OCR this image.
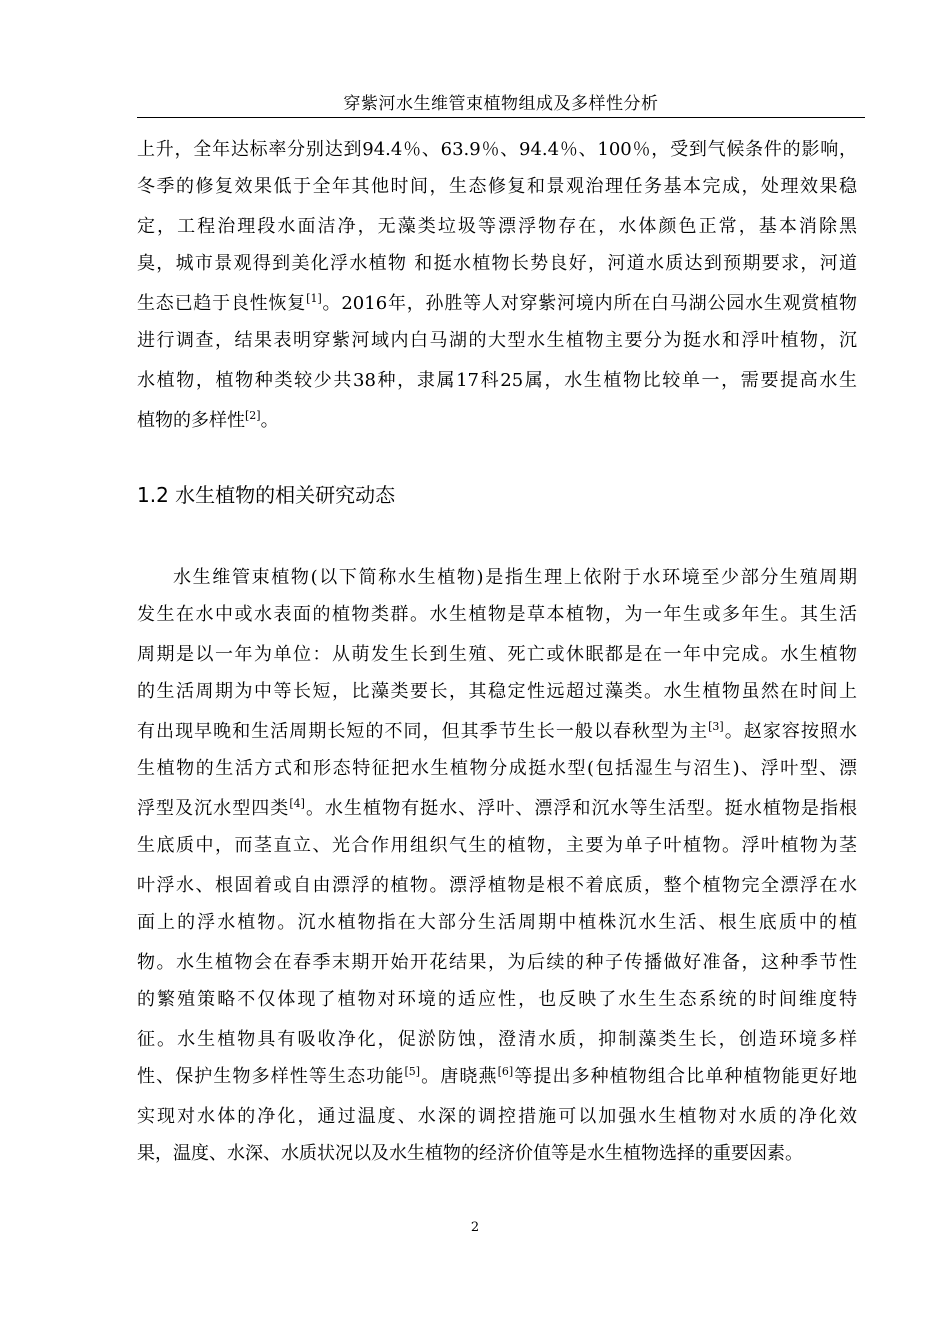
穿紫河水生维管束植物组成及多样性分析
上升，全年达标率分别达到94.4％、63.9％、94.4％、100％，受到气候条件的影响，
冬季的修复效果低于全年其他时间，生态修复和景观治理任务基本完成，处理效果稳
定，工程治理段水面洁净，无藻类垃圾等漂浮物存在，水体颜色正常，基本消除黑
臭，城市景观得到美化浮水植物 和挺水植物长势良好，河道水质达到预期要求，河道
生态已趋于良性恢复[1]。2016年，孙胜等人对穿紫河境内所在白马湖公园水生观赏植物
进行调查，结果表明穿紫河域内白马湖的大型水生植物主要分为挺水和浮叶植物，沉
水植物，植物种类较少共38种，隶属17科25属，水生植物比较单一，需要提高水生
植物的多样性[2]。
1.2 水生植物的相关研究动态
水生维管束植物(以下简称水生植物)是指生理上依附于水环境至少部分生殖周期
发生在水中或水表面的植物类群。水生植物是草本植物，为一年生或多年生。其生活
周期是以一年为单位：从萌发生长到生殖、死亡或休眠都是在一年中完成。水生植物
的生活周期为中等长短，比藻类要长，其稳定性远超过藻类。水生植物虽然在时间上
有出现早晚和生活周期长短的不同，但其季节生长一般以春秋型为主[3]。赵家容按照水
生植物的生活方式和形态特征把水生植物分成挺水型(包括湿生与沼生)、浮叶型、漂
浮型及沉水型四类[4]。水生植物有挺水、浮叶、漂浮和沉水等生活型。挺水植物是指根
生底质中，而茎直立、光合作用组织气生的植物，主要为单子叶植物。浮叶植物为茎
叶浮水、根固着或自由漂浮的植物。漂浮植物是根不着底质，整个植物完全漂浮在水
面上的浮水植物。沉水植物指在大部分生活周期中植株沉水生活、根生底质中的植
物。水生植物会在春季末期开始开花结果，为后续的种子传播做好准备，这种季节性
的繁殖策略不仅体现了植物对环境的适应性，也反映了水生生态系统的时间维度特
征。水生植物具有吸收净化，促淤防蚀，澄清水质，抑制藻类生长，创造环境多样
性、保护生物多样性等生态功能[5]。唐晓燕[6]等提出多种植物组合比单种植物能更好地
实现对水体的净化，通过温度、水深的调控措施可以加强水生植物对水质的净化效
果，温度、水深、水质状况以及水生植物的经济价值等是水生植物选择的重要因素。
2
